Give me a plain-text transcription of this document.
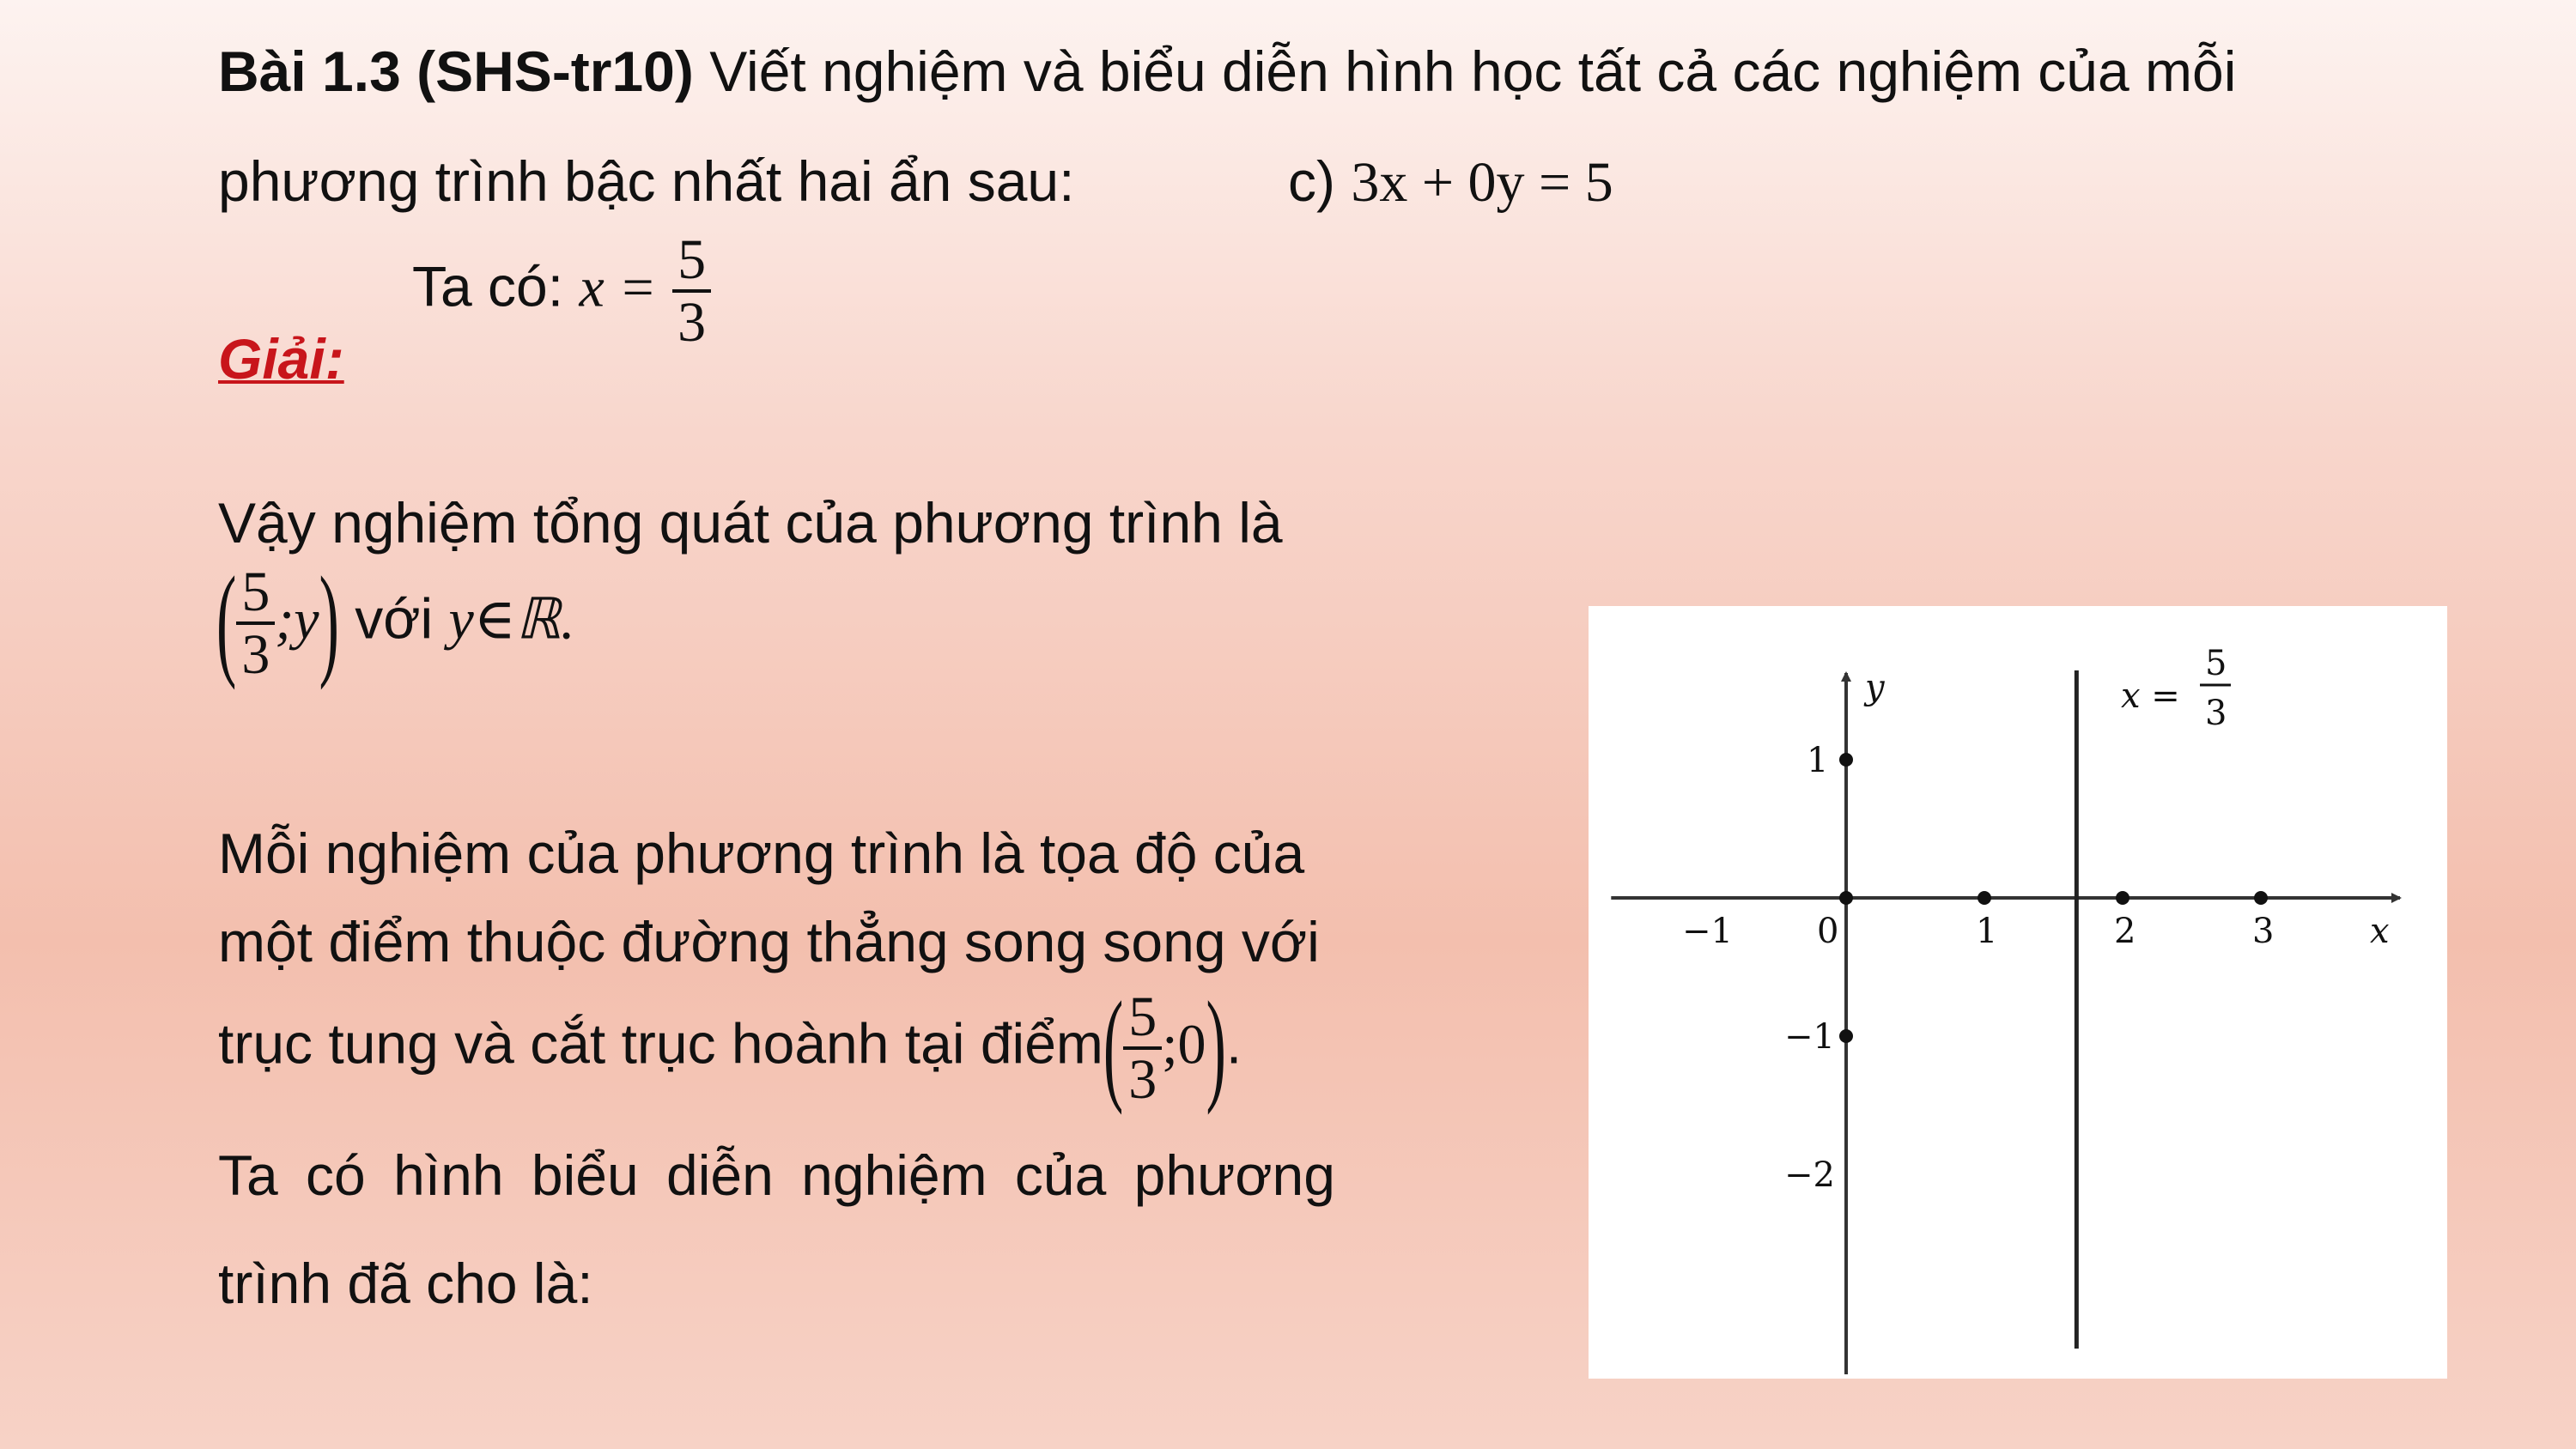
Bài 1.3 (SHS-tr10) Viết nghiệm và biểu diễn hình học tất cả các nghiệm của mỗi
phương trình bậc nhất hai ẩn sau:	c) 3x + 0y = 5
Ta có: $x = \frac{5}{3}$
Giải:
Vậy nghiệm tổng quát của phương trình là
( $\frac{5}{3}$ ;y) với y∈ℝ.
Mỗi nghiệm của phương trình là tọa độ của
một điểm thuộc đường thẳng song song với
trục tung và cắt trục hoành tại điểm( $\frac{5}{3}$ ;0).
Ta có hình biểu diễn nghiệm của phương
trình đã cho là:
x
y
−1	1	2	3
0
1
−1
−2
x =
5
3
